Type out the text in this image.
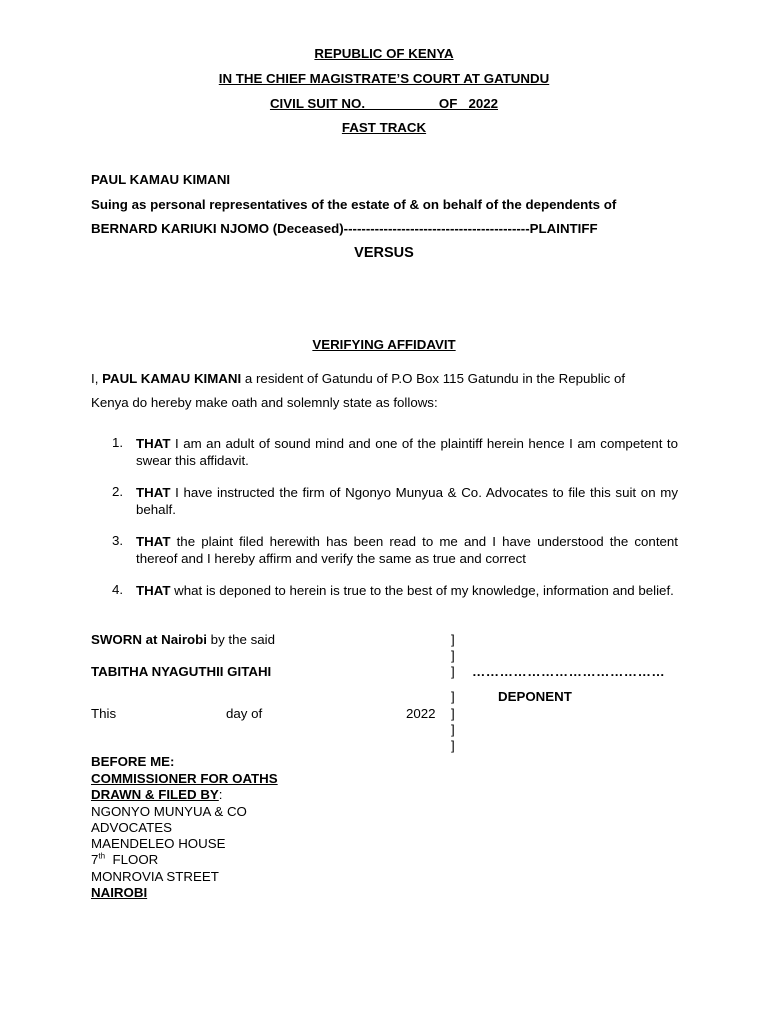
REPUBLIC OF KENYA
IN THE CHIEF MAGISTRATE’S COURT AT GATUNDU
CIVIL SUIT NO.                    OF   2022
FAST TRACK
PAUL KAMAU KIMANI
Suing as personal representatives of the estate of & on behalf of the dependents of
BERNARD KARIUKI NJOMO (Deceased)------------------------------------------PLAINTIFF
VERSUS
VERIFYING AFFIDAVIT
I, PAUL KAMAU KIMANI a resident of Gatundu of P.O Box 115 Gatundu in the Republic of
Kenya do hereby make oath and solemnly state as follows:
1. THAT I am an adult of sound mind and one of the plaintiff herein hence I am competent to swear this affidavit.
2. THAT I have instructed the firm of Ngonyo Munyua & Co. Advocates to file this suit on my behalf.
3. THAT the plaint filed herewith has been read to me and I have understood the content thereof and I hereby affirm and verify the same as true and correct
4. THAT what is deponed to herein is true to the best of my knowledge, information and belief.
SWORN at Nairobi by the said
TABITHA NYAGUTHII GITAHI
This	day of	2022
]
]
]
]
]
]
]
……………………………………
DEPONENT
BEFORE ME:
COMMISSIONER FOR OATHS
DRAWN & FILED BY:
NGONYO MUNYUA & CO
ADVOCATES
MAENDELEO HOUSE
7th  FLOOR
MONROVIA STREET
NAIROBI
